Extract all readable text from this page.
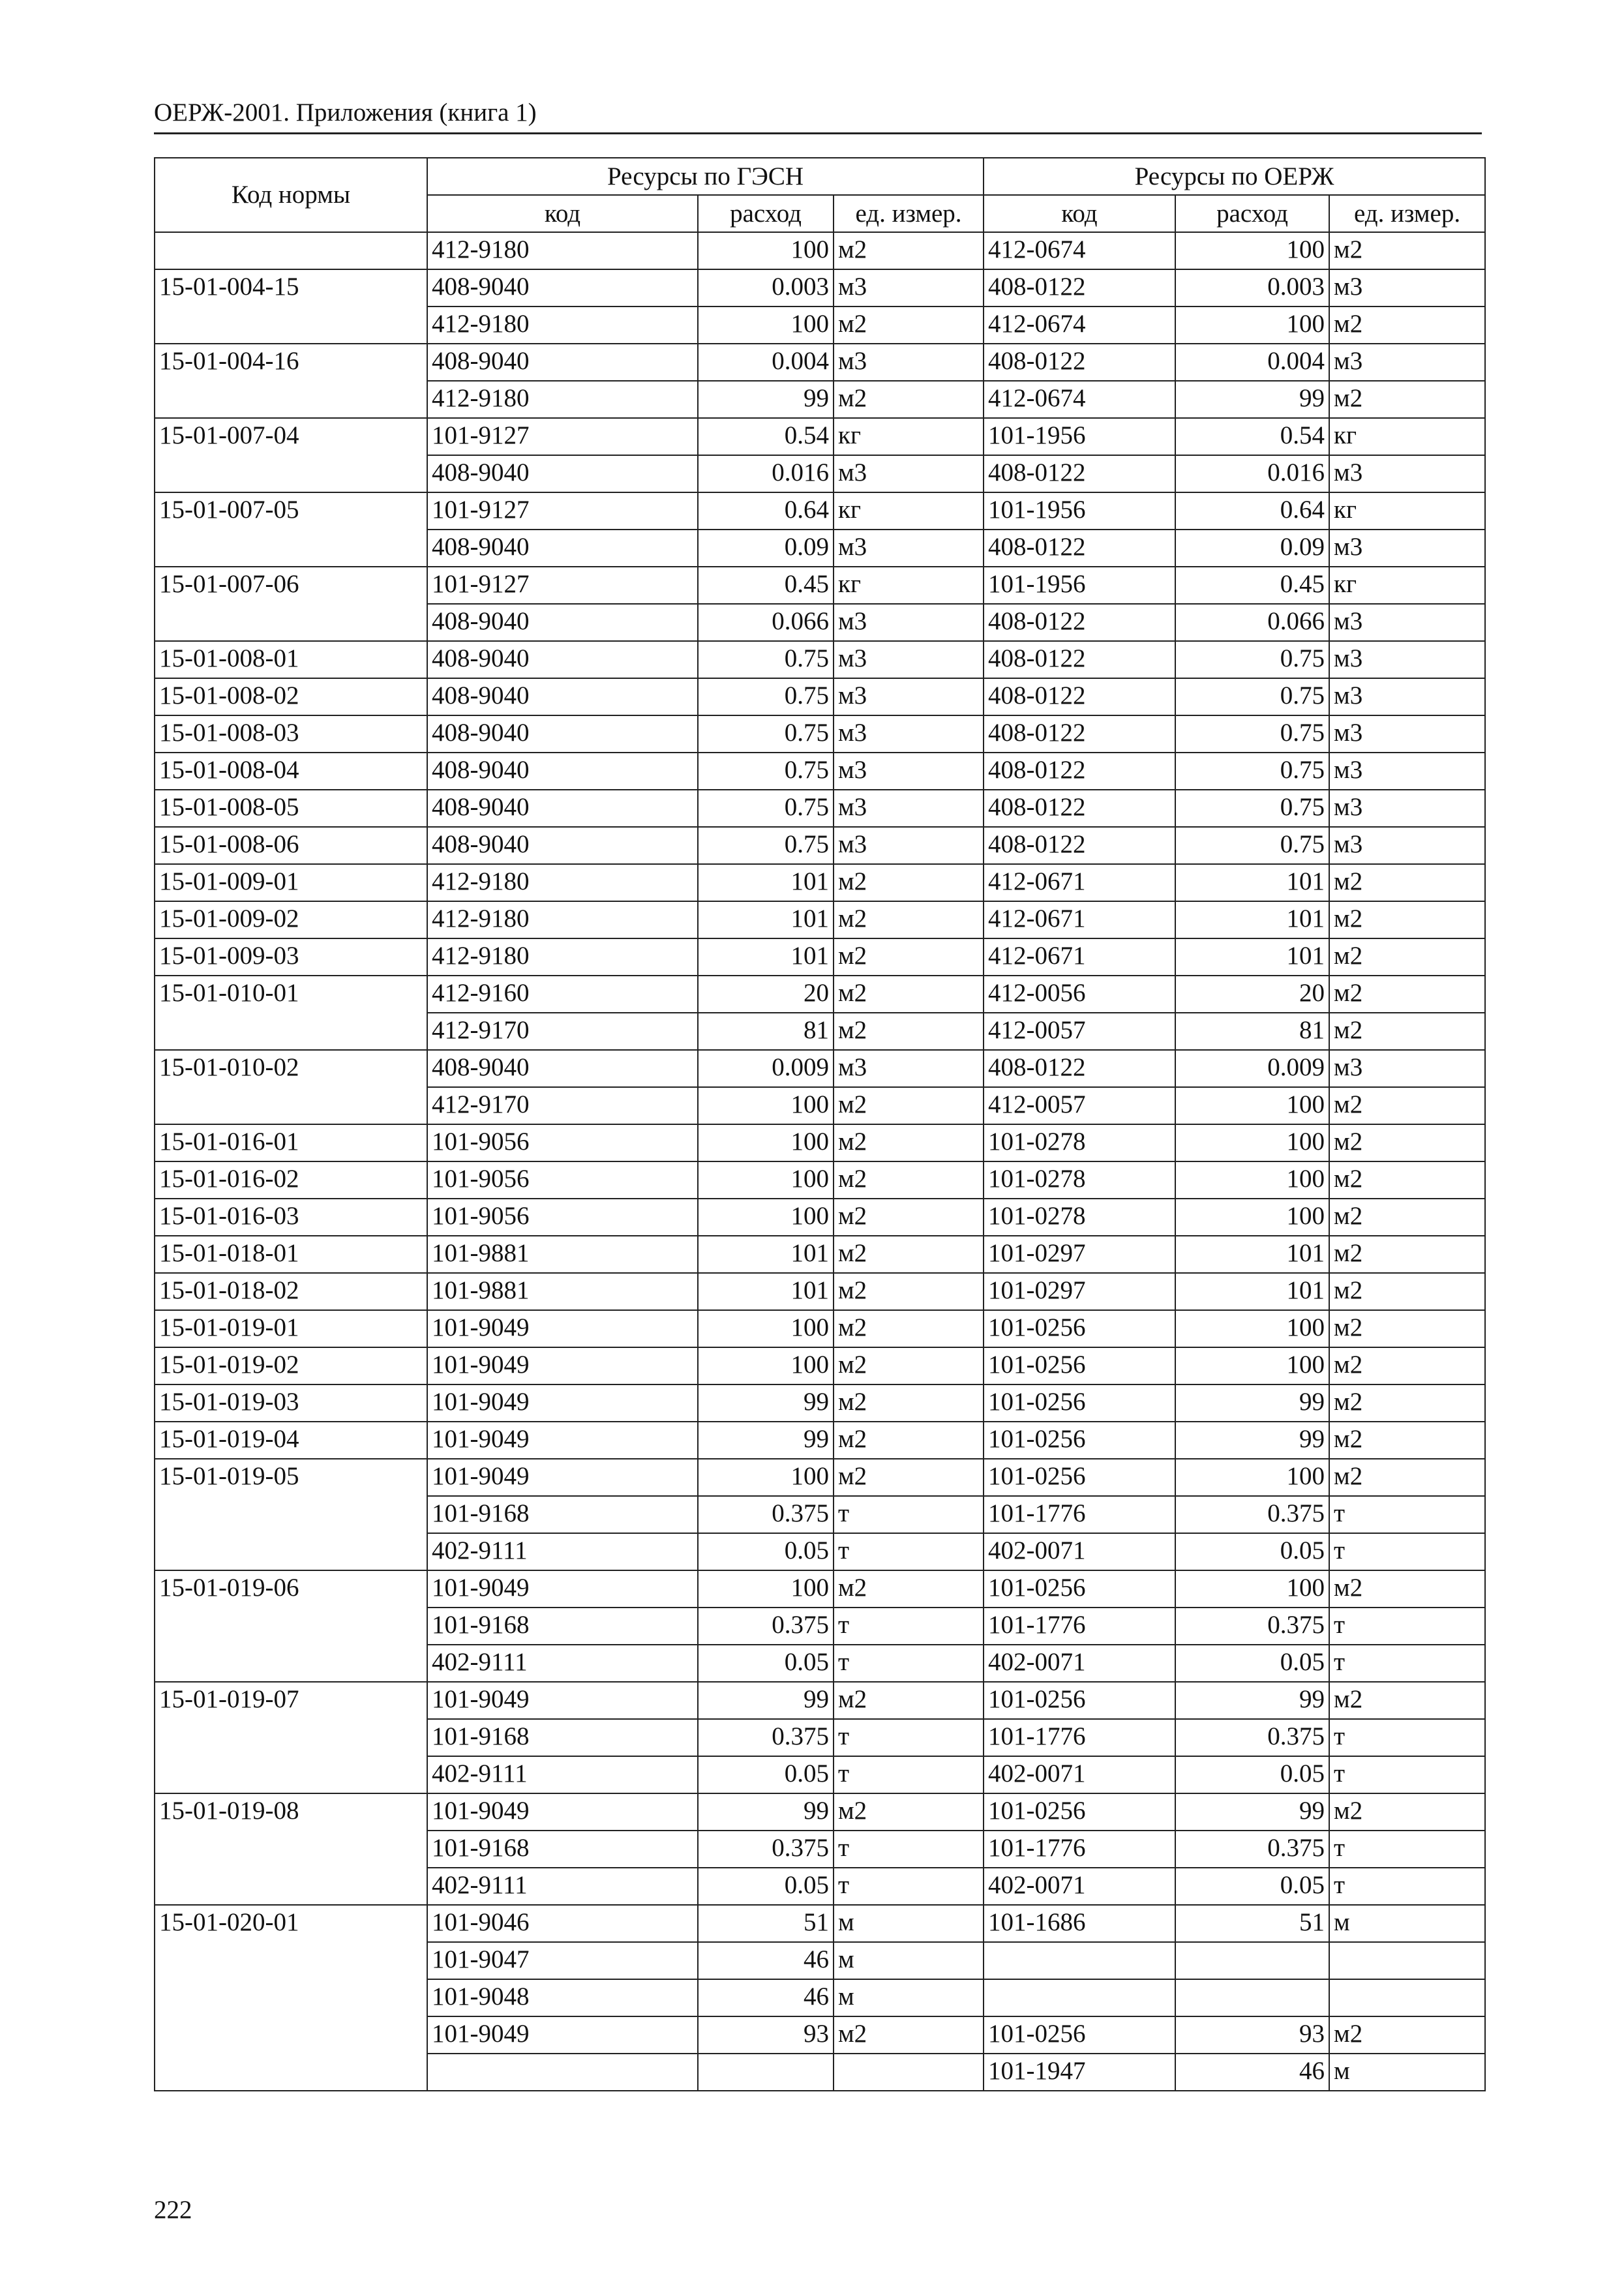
ОЕРЖ-2001. Приложения (книга 1)
Код нормы	Ресурсы по ГЭСН			Ресурсы по ОЕРЖ		
	код	расход	ед. измер.	код	расход	ед. измер.
	412-9180	100	м2	412-0674	100	м2
15-01-004-15	408-9040	0.003	м3	408-0122	0.003	м3
	412-9180	100	м2	412-0674	100	м2
15-01-004-16	408-9040	0.004	м3	408-0122	0.004	м3
	412-9180	99	м2	412-0674	99	м2
15-01-007-04	101-9127	0.54	кг	101-1956	0.54	кг
	408-9040	0.016	м3	408-0122	0.016	м3
15-01-007-05	101-9127	0.64	кг	101-1956	0.64	кг
	408-9040	0.09	м3	408-0122	0.09	м3
15-01-007-06	101-9127	0.45	кг	101-1956	0.45	кг
	408-9040	0.066	м3	408-0122	0.066	м3
15-01-008-01	408-9040	0.75	м3	408-0122	0.75	м3
15-01-008-02	408-9040	0.75	м3	408-0122	0.75	м3
15-01-008-03	408-9040	0.75	м3	408-0122	0.75	м3
15-01-008-04	408-9040	0.75	м3	408-0122	0.75	м3
15-01-008-05	408-9040	0.75	м3	408-0122	0.75	м3
15-01-008-06	408-9040	0.75	м3	408-0122	0.75	м3
15-01-009-01	412-9180	101	м2	412-0671	101	м2
15-01-009-02	412-9180	101	м2	412-0671	101	м2
15-01-009-03	412-9180	101	м2	412-0671	101	м2
15-01-010-01	412-9160	20	м2	412-0056	20	м2
	412-9170	81	м2	412-0057	81	м2
15-01-010-02	408-9040	0.009	м3	408-0122	0.009	м3
	412-9170	100	м2	412-0057	100	м2
15-01-016-01	101-9056	100	м2	101-0278	100	м2
15-01-016-02	101-9056	100	м2	101-0278	100	м2
15-01-016-03	101-9056	100	м2	101-0278	100	м2
15-01-018-01	101-9881	101	м2	101-0297	101	м2
15-01-018-02	101-9881	101	м2	101-0297	101	м2
15-01-019-01	101-9049	100	м2	101-0256	100	м2
15-01-019-02	101-9049	100	м2	101-0256	100	м2
15-01-019-03	101-9049	99	м2	101-0256	99	м2
15-01-019-04	101-9049	99	м2	101-0256	99	м2
15-01-019-05	101-9049	100	м2	101-0256	100	м2
	101-9168	0.375	т	101-1776	0.375	т
	402-9111	0.05	т	402-0071	0.05	т
15-01-019-06	101-9049	100	м2	101-0256	100	м2
	101-9168	0.375	т	101-1776	0.375	т
	402-9111	0.05	т	402-0071	0.05	т
15-01-019-07	101-9049	99	м2	101-0256	99	м2
	101-9168	0.375	т	101-1776	0.375	т
	402-9111	0.05	т	402-0071	0.05	т
15-01-019-08	101-9049	99	м2	101-0256	99	м2
	101-9168	0.375	т	101-1776	0.375	т
	402-9111	0.05	т	402-0071	0.05	т
15-01-020-01	101-9046	51	м	101-1686	51	м
	101-9047	46	м			
	101-9048	46	м			
	101-9049	93	м2	101-0256	93	м2
				101-1947	46	м
222
